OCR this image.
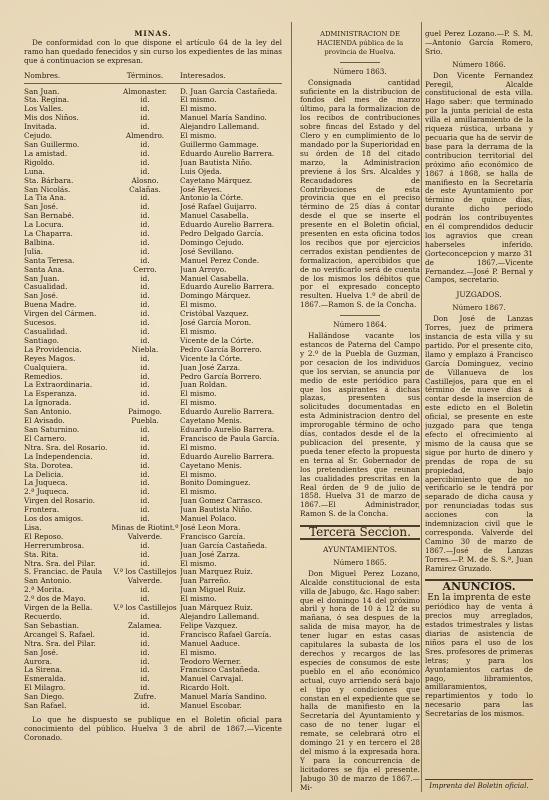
MINAS.

De conformidad con lo que dispone el artículo 64 de la ley del ramo han quedado fenecidos y sin curso los expedientes de las minas que á continuacion se expresan.

Nombres.	Términos.	Interesados.
San Juan.	Almonaster.	D. Juan García Castañeda.
Sta. Regina.	id.	El mismo.
Los Valles.	id.	El mismo.
Mis dos Niños.	id.	Manuel María Sandino.
Invitada.	id.	Alejandro Lallemand.
Cejudo.	Almendro.	El mismo.
San Guillermo.	id.	Guillermo Gammage.
La amistad.	id.	Eduardo Aurelio Barrera.
Rigoldo.	id.	Juan Bautista Niño.
Luna.	id.	Luis Ojeda.
Sta. Bárbara.	Alosno.	Cayetano Márquez.
San Nicolás.	Calañas.	José Reyes.
La Tia Ana.	id.	Antonio la Córte.
San José.	id.	José Rafael Guijarro.
San Bernabé.	id.	Manuel Casabella.
La Locura.	id.	Eduardo Aurelio Barrera.
La Chaparra.	id.	Pedro Delgado García.
Balbina.	id.	Domingo Cejudo.
Julia.	id.	José Sevillano.
Santa Teresa.	id.	Manuel Perez Conde.
Santa Ana.	Cerro.	Juan Arroyo.
San Juan.	id.	Manuel Casabella.
Casualidad.	id.	Eduardo Aurelio Barrera.
San José.	id.	Domingo Márquez.
Buena Madre.	id.	El mismo.
Virgen del Cármen.	id.	Cristóbal Vazquez.
Sucesos.	id.	José García Moron.
Casualidad.	id.	El mismo.
Santiago.	id.	Vicente de la Córte.
La Providencia.	Niebla.	Pedro García Borrero.
Reyes Magos.	id.	Vicente la Córte.
Cualquiera.	id.	Juan José Zarza.
Remedios.	id.	Pedro García Borrero.
La Extraordinaria.	id.	Juan Roldan.
La Esperanza.	id.	El mismo.
La Ignorada.	id.	El mismo.
San Antonio.	Paimogo.	Eduardo Aurelio Barrera.
El Avisado.	Puebla.	Cayetano Menis.
San Saturnino.	id.	Eduardo Aurelio Barrera.
El Carnero.	id.	Francisco de Paula García.
Ntra. Sra. del Rosario.	id.	El mismo.
La Independencia.	id.	Eduardo Aurelio Barrera.
Sta. Dorotea.	id.	Cayetano Menis.
La Delicia.	id.	El mismo.
La Juqueca.	id.	Bonito Dominguez.
2.ª Juqueca.	id.	El mismo.
Virgen del Rosario.	id.	Juan Gomez Carrasco.
Frontera.	id.	Juan Bautista Niño.
Los dos amigos.	id.	Manuel Polaco.
Lisa.	Minas de Riotint.º José Leon Mora.
El Reposo.	Valverde.	Francisco García.
Herrerumbrosa.	id.	Juan García Castañeda.
Sta. Rita.	id.	Juan José Zarza.
Ntra. Sra. del Pilar.	id.	El mismo.
S. Franciac. de Paula	V.ª los Castillejos Juan Marquez Ruiz.
San Antonio.	Valverde.	Juan Parreño.
2.ª Morita.	id.	Juan Miguel Ruiz.
2.º dos de Mayo.	id.	El mismo.
Virgen de la Bella.	V.ª los Castillejos Juan Márquez Ruiz.
Recuerdo.	id.	Alejandro Lallemand.
San Sebastian.	Zalamea.	Felipe Vazquez.
Arcangel S. Rafael.	id.	Francisco Rafael García.
Ntra. Sra. del Pilar.	id.	Manuel Aaduce.
San José.	id.	El mismo.
Aurora.	id.	Teodoro Werner.
La Sirena.	id.	Francisco Castañeda.
Esmeralda.	id.	Manuel Carvajal.
El Milagro.	id.	Ricardo Holt.
San Diego.	Zufre.	Manuel María Sandino.
San Rafael.	id.	Manuel Escobar.

Lo que he dispuesto se publique en el Boletin oficial para conocimiento del público. Huelva 3 de abril de 1867.—Vicente Coronado.

ADMINISTRACION DE HACIENDA pública de la provincia de Huelva.
Número 1863.

Consignada cantidad suficiente en la distribucion de fondos del mes de marzo último, para la formalizacion de los recibos de contribuciones sobre fincas del Estado y del Clero y en cumplimiento de lo mandado por la Superioridad en su órden de 18 del citado marzo, la Administracion previene á los Srs. Alcaldes y Recaudadores de Contribuciones de esta provincia que en el preciso término de 25 días á contar desde el que se inserte el presente en el Boletin oficial, presenten en esta oficina todos los recibos que por ejercicios cerrados existan pendientes de formalizacion, apercibidos que de no verificarlo será de cuenta de los mismos los débitos que por el expresado concepto resulten. Huelva 1.º de abril de 1867.—Ramon S. de la Concha.

Número 1864.

Hallándose vacante los estancos de Paterna del Campo y 2.º de la Puebla de Guzman, por cesacion de los individuos que los servian, se anuncia por medio de este periódico para que los aspirantes á dichas plazas, presenten sus solicitudes documentadas en esta Administracion dentro del improrogable término de ocho días, contados desde el de la publicacion del presente, y pueda tener efecto la propuesta en terna al Sr. Gobernador de los pretendientes que reunan las cualidades prescritas en la Real órden de 9 de julio de 1858. Huelva 31 de marzo de 1867.—El Administrador, Ramon S. de la Concha.

Tercera Seccion.
AYUNTAMIENTOS.
Número 1865.

Don Miguel Perez Lozano, Alcalde constitucional de esta villa de Jabugo, &c. Hago saber: que el domingo 14 del próximo abril y hora de 10 á 12 de su mañana, ó sea despues de la salida de misa mayor, ha de tener lugar en estas casas capitulares la subasta de los derechos y recargos de las especies de consumos de este pueblo en el año económico actual, cuyo arriendo será bajo el tipo y condiciones que constan en el expediente que se halla de manifiesto en la Secretaría del Ayuntamiento y caso de no tener lugar el remate, se celebrará otro el domingo 21 y en tercero el 28 del mismo á la expresada hora. Y para la concurrencia de licitadores se fija el presente. Jabugo 30 de marzo de 1867.—Mi-

guel Perez Lozano.—P. S. M.—Antonio García Romero, Srio.

Número 1866.

Don Vicente Fernandez Peregil, Alcalde constitucional de esta villa. Hago saber: que terminado por la junta pericial de esta villa el amillaramiento de la riqueza rústica, urbana y pecuaria que ha de servir de base para la derrama de la contribucion territorial del próximo año económico de 1867 á 1868, se halla de manifiesto en la Secretaría de este Ayuntamiento por término de quince días, durante dicho periodo podrán los contribuyentes en él comprendidos deducir los agravios que crean haberseles inferido. Gorteconcepcion y marzo 31 de 1867.—Vicente Fernandez.—José P. Bernal y Campos, secretario.

JUZGADOS.
Número 1867.

Don José de Lanzas Torres, juez de primera instancia de esta villa y su partido. Por el presente cito, llamo y emplazo á Francisco García Dominguez, vecino de Villanueva de los Castillejos, para que en el término de nueve días á contar desde la insercion de este edicto en el Boletin oficial, se presente en este juzgado para que tenga efecto el ofrecimiento al mismo de la causa que se sigue por hurto de dinero y prendas de ropa de su propiedad, bajo apercibimiento que de no verificarlo se le tendrá por separado de dicha causa y por renunciadas todas sus acciones con la indemnizacion civil que le corresponda. Valverde del Camino 30 de marzo de 1867.—José de Lanzas Torres.—P. M. de S. S.ª, Juan Ramirez Gruzado.

ANUNCIOS.
En la imprenta de este

periódico hay de venta á precios muy arreglados, estados trimestrales y listas diarias de asistencia de niños para el uso de los Sres. profesores de primeras letras; y para los Ayuntamientos cartas de pago, libramientos, amillaramientos, repartimientos y todo lo necesario para las Secretarías de los mismos.

Imprenta del Boletin oficial.
